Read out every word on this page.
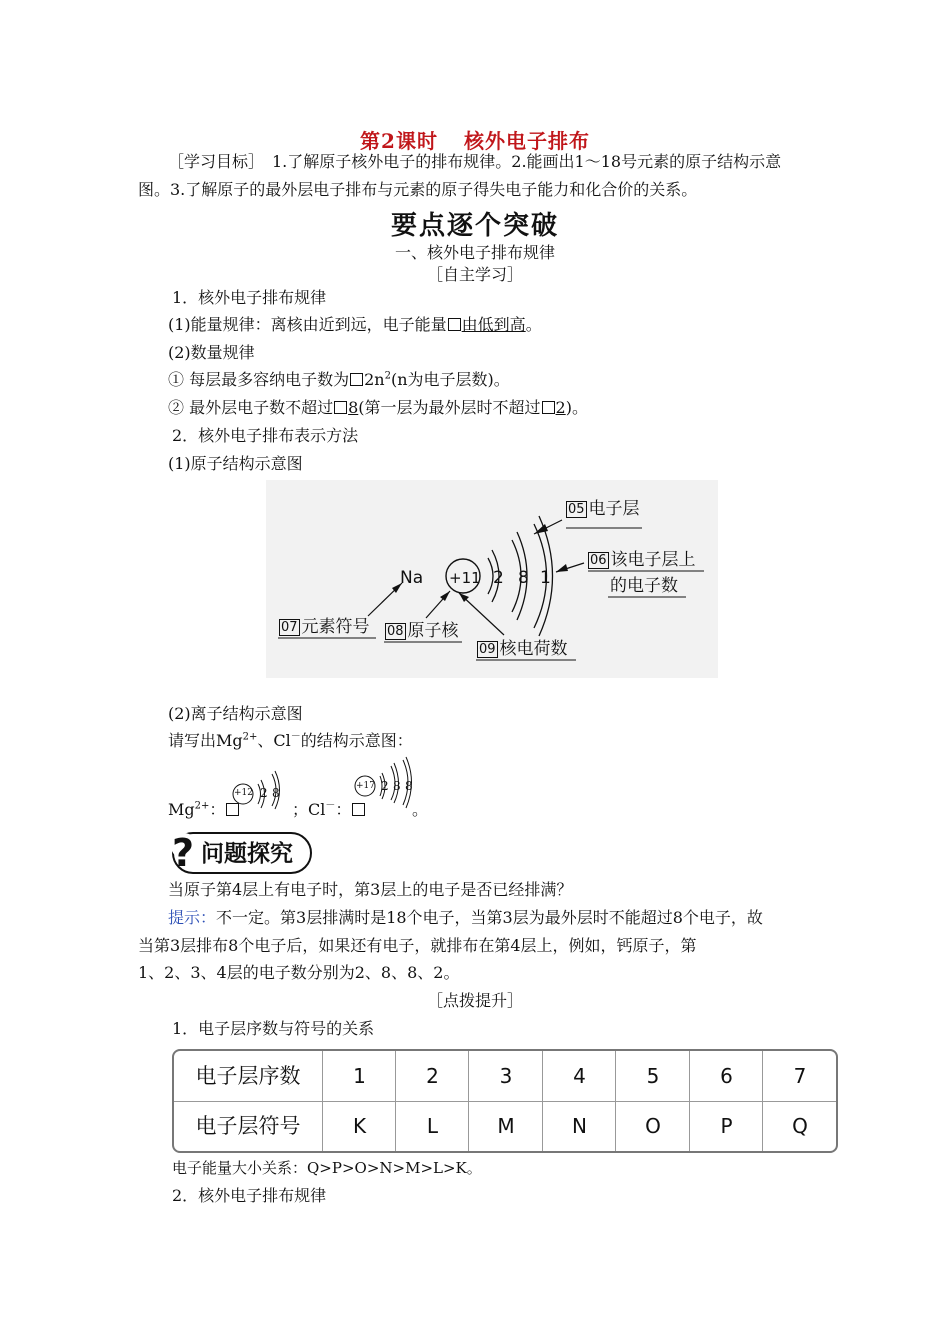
第2课时 核外电子排布
［学习目标］　1.了解原子核外电子的排布规律。2.能画出1～18号元素的原子结构示意
图。3.了解原子的最外层电子排布与元素的原子得失电子能力和化合价的关系。
要点逐个突破
一、核外电子排布规律
［自主学习］
1．核外电子排布规律
(1)能量规律：离核由近到远，电子能量 由低到高。
(2)数量规律
① 每层最多容纳电子数为 $2n^2(n$为电子层数)。
② 最外层电子数不超过 8(第一层为最外层时不超过 2)。
2．核外电子排布表示方法
(1)原子结构示意图
Na +11 2 8 1
05 电子层
06 该电子层上
的电子数
07 元素符号 08 原子核
09 核电荷数
(2)离子结构示意图
请写出$Mg^{2+}$、Cl－的结构示意图：
$Mg^{2+}$：
+12 2 8
；Cl－：
+17 2 8 8
。
? 问题探究
当原子第4层上有电子时，第3层上的电子是否已经排满？
提示：不一定。第3层排满时是18个电子，当第3层为最外层时不能超过8个电子，故
当第3层排布8个电子后，如果还有电子，就排布在第4层上，例如，钙原子，第
1、2、3、4层的电子数分别为2、8、8、2。
［点拨提升］
1．电子层序数与符号的关系
电子层序数	1	2	3	4	5	6	7
电子层符号	K	L	M	N	O	P	Q
电子能量大小关系：Q>P>O>N>M>L>K。
2．核外电子排布规律
